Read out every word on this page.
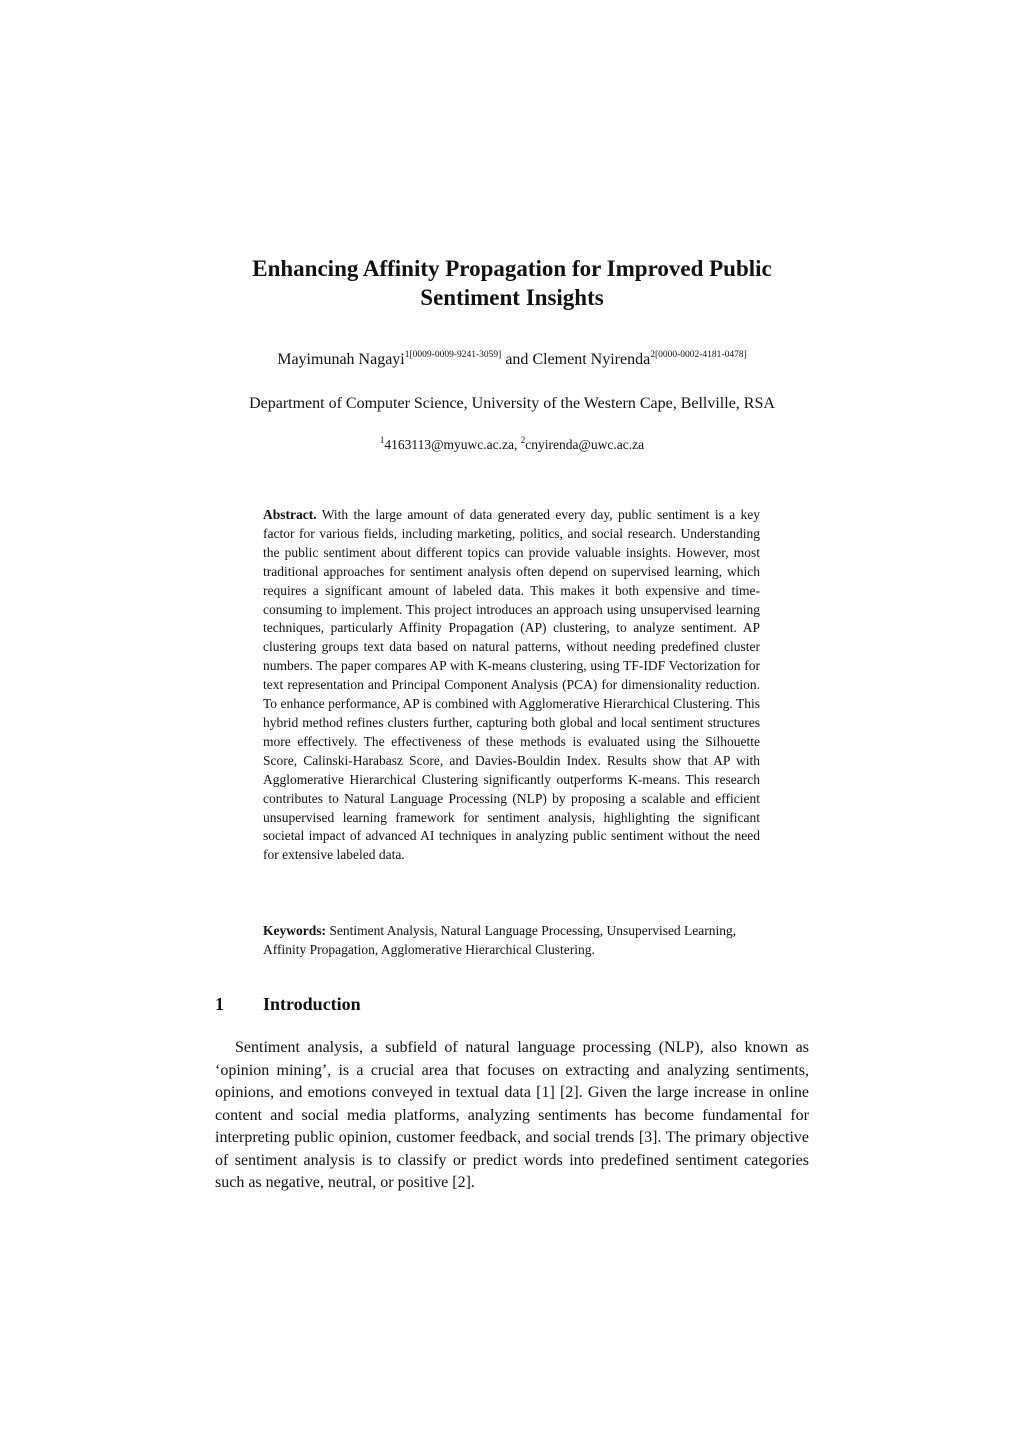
Enhancing Affinity Propagation for Improved Public
Sentiment Insights
Mayimunah Nagayi$^{1[0009-0009-9241-3059]}$ and Clement Nyirenda$^{2[0000-0002-4181-0478]}$
Department of Computer Science, University of the Western Cape, Bellville, RSA
$^1$4163113@myuwc.ac.za, $^2$cnyirenda@uwc.ac.za

Abstract. With the large amount of data generated every day, public sentiment is a key factor for various fields, including marketing, politics, and social research. Understanding the public sentiment about different topics can provide valuable insights. However, most traditional approaches for sentiment analysis often depend on supervised learning, which requires a significant amount of labeled data. This makes it both expensive and time-consuming to implement. This project introduces an approach using unsupervised learning techniques, particularly Affinity Propagation (AP) clustering, to analyze sentiment. AP clustering groups text data based on natural patterns, without needing predefined cluster numbers. The paper compares AP with K-means clustering, using TF-IDF Vectorization for text representation and Principal Component Analysis (PCA) for dimensionality reduction. To enhance performance, AP is combined with Agglomerative Hierarchical Clustering. This hybrid method refines clusters further, capturing both global and local sentiment structures more effectively. The effectiveness of these methods is evaluated using the Silhouette Score, Calinski-Harabasz Score, and Davies-Bouldin Index. Results show that AP with Agglomerative Hierarchical Clustering significantly outperforms K-means. This research contributes to Natural Language Processing (NLP) by proposing a scalable and efficient unsupervised learning framework for sentiment analysis, highlighting the significant societal impact of advanced AI techniques in analyzing public sentiment without the need for extensive labeled data.

Keywords: Sentiment Analysis, Natural Language Processing, Unsupervised Learning, Affinity Propagation, Agglomerative Hierarchical Clustering.

1 Introduction

Sentiment analysis, a subfield of natural language processing (NLP), also known as ‘opinion mining’, is a crucial area that focuses on extracting and analyzing sentiments, opinions, and emotions conveyed in textual data [1] [2]. Given the large increase in online content and social media platforms, analyzing sentiments has become fundamental for interpreting public opinion, customer feedback, and social trends [3]. The primary objective of sentiment analysis is to classify or predict words into predefined sentiment categories such as negative, neutral, or positive [2].
